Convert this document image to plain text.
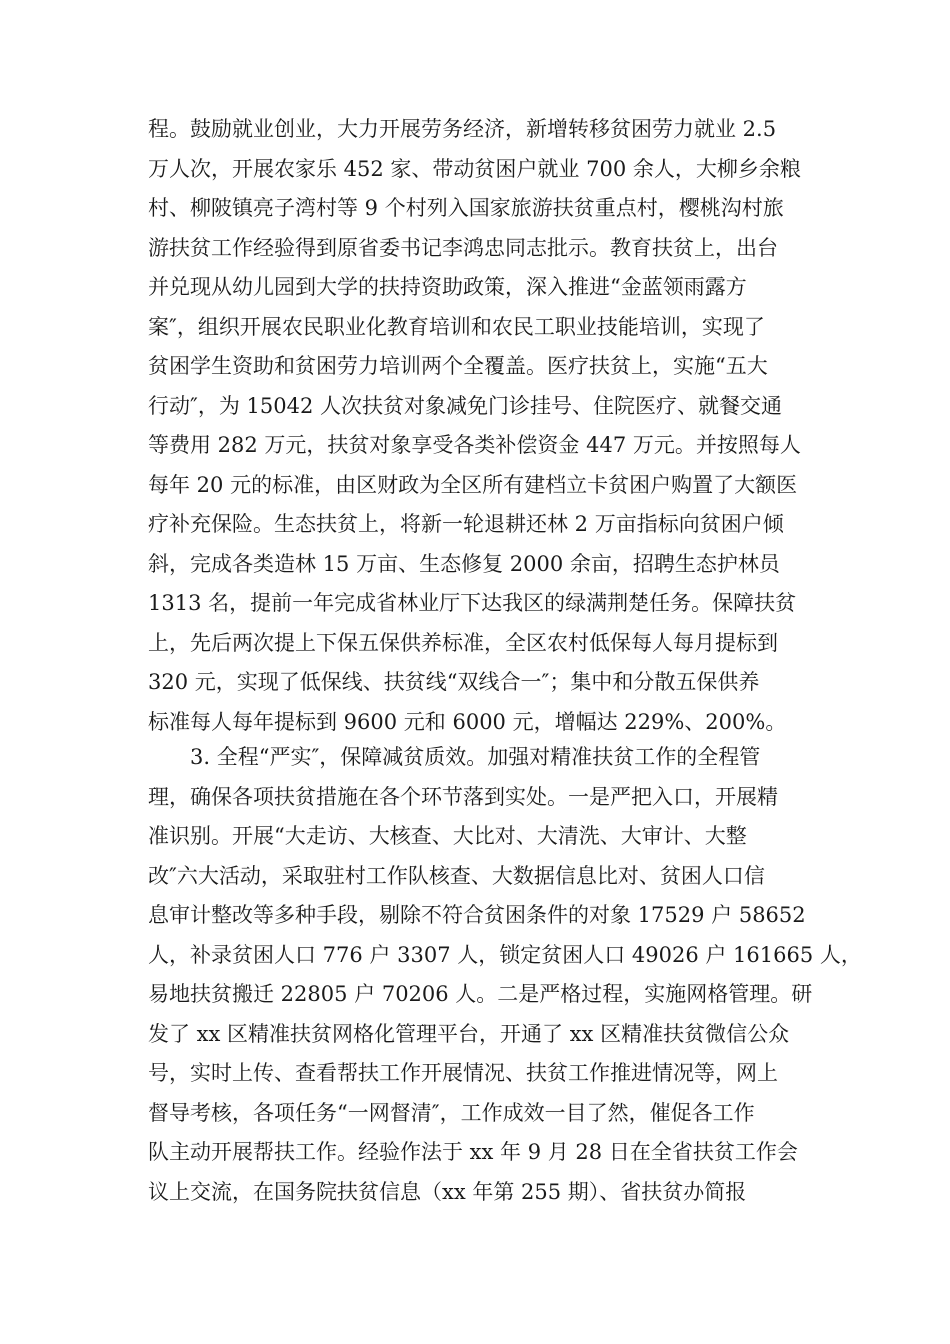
程。鼓励就业创业，大力开展劳务经济，新增转移贫困劳力就业 2.5
万人次，开展农家乐 452 家、带动贫困户就业 700 余人，大柳乡余粮
村、柳陂镇亮子湾村等 9 个村列入国家旅游扶贫重点村，樱桃沟村旅
游扶贫工作经验得到原省委书记李鸿忠同志批示。教育扶贫上，出台
并兑现从幼儿园到大学的扶持资助政策，深入推进“金蓝领雨露方
案″，组织开展农民职业化教育培训和农民工职业技能培训，实现了
贫困学生资助和贫困劳力培训两个全覆盖。医疗扶贫上，实施“五大
行动″，为 15042 人次扶贫对象减免门诊挂号、住院医疗、就餐交通
等费用 282 万元，扶贫对象享受各类补偿资金 447 万元。并按照每人
每年 20 元的标准，由区财政为全区所有建档立卡贫困户购置了大额医
疗补充保险。生态扶贫上，将新一轮退耕还林 2 万亩指标向贫困户倾
斜，完成各类造林 15 万亩、生态修复 2000 余亩，招聘生态护林员
1313 名，提前一年完成省林业厅下达我区的绿满荆楚任务。保障扶贫
上，先后两次提上下保五保供养标准，全区农村低保每人每月提标到
320 元，实现了低保线、扶贫线“双线合一″；集中和分散五保供养
标准每人每年提标到 9600 元和 6000 元，增幅达 229%、200%。
3. 全程“严实″，保障减贫质效。加强对精准扶贫工作的全程管
理，确保各项扶贫措施在各个环节落到实处。一是严把入口，开展精
准识别。开展“大走访、大核查、大比对、大清洗、大审计、大整
改″六大活动，采取驻村工作队核查、大数据信息比对、贫困人口信
息审计整改等多种手段，剔除不符合贫困条件的对象 17529 户 58652
人，补录贫困人口 776 户 3307 人，锁定贫困人口 49026 户 161665 人，
易地扶贫搬迁 22805 户 70206 人。二是严格过程，实施网格管理。研
发了 xx 区精准扶贫网格化管理平台，开通了 xx 区精准扶贫微信公众
号，实时上传、查看帮扶工作开展情况、扶贫工作推进情况等，网上
督导考核，各项任务“一网督清″，工作成效一目了然，催促各工作
队主动开展帮扶工作。经验作法于 xx 年 9 月 28 日在全省扶贫工作会
议上交流，在国务院扶贫信息（xx 年第 255 期）、省扶贫办简报
